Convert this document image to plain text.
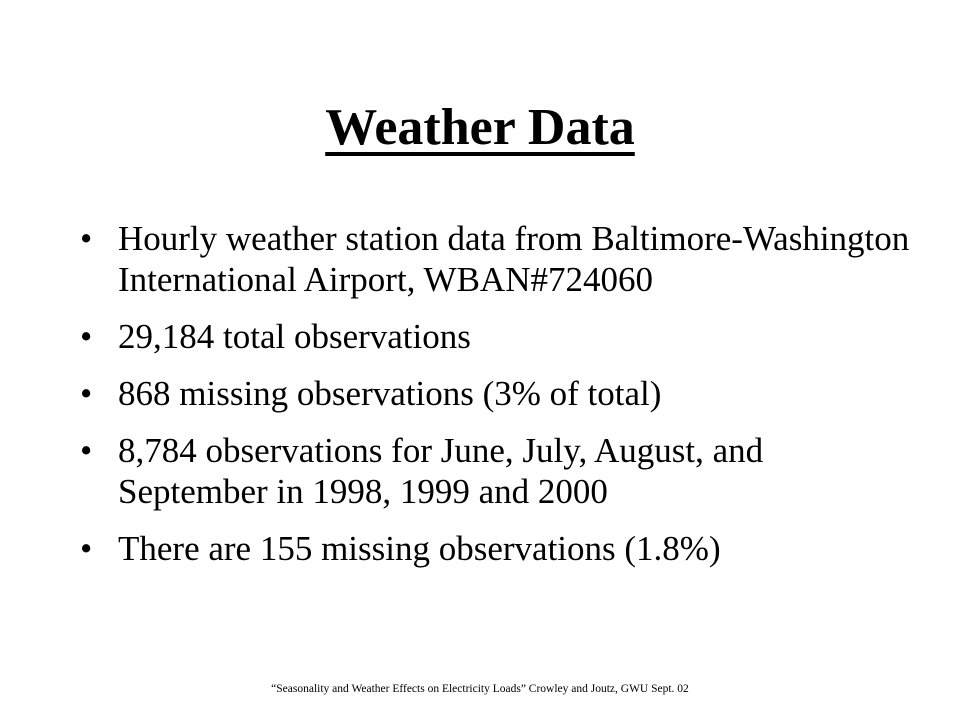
Weather Data
• Hourly weather station data from Baltimore-Washington International Airport, WBAN#724060
• 29,184 total observations
• 868 missing observations (3% of total)
• 8,784 observations for June, July, August, and September in 1998, 1999 and 2000
• There are 155 missing observations (1.8%)
“Seasonality and Weather Effects on Electricity Loads” Crowley and Joutz, GWU Sept. 02
